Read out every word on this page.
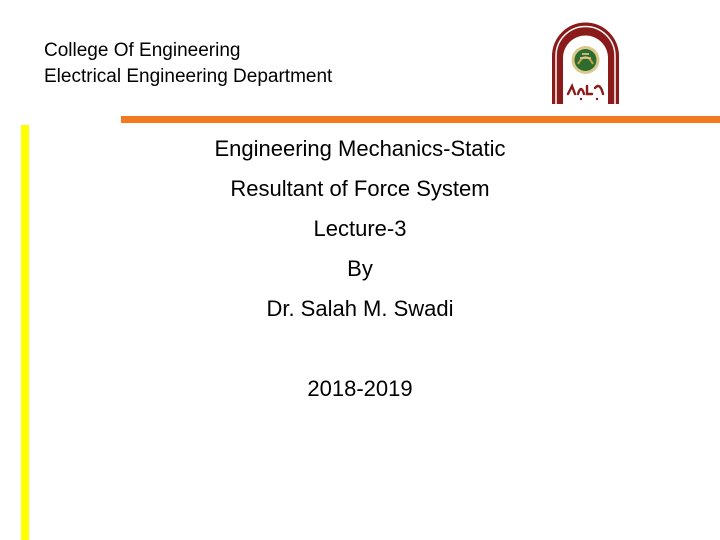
College Of Engineering
Electrical Engineering Department
Engineering Mechanics-Static
Resultant of Force System
Lecture-3
By
Dr. Salah M. Swadi
2018-2019
